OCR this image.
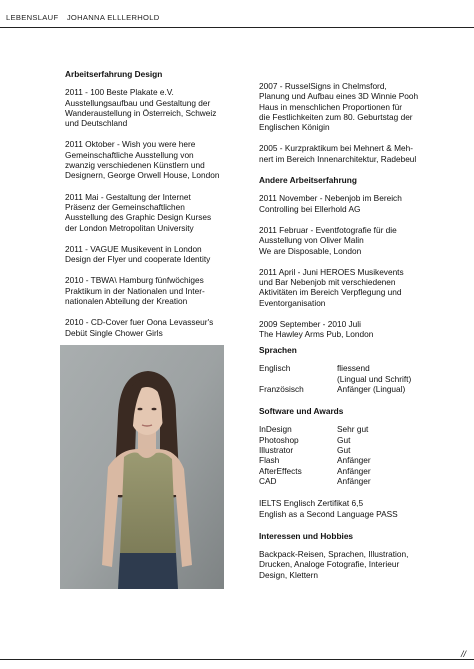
LEBENSLAUF JOHANNA ELLLERHOLD
Arbeitserfahrung Design
2011 - 100 Beste Plakate e.V.
Ausstellungsaufbau und Gestaltung der
Wanderaustellung in Österreich, Schweiz
und Deutschland
2011 Oktober - Wish you were here
Gemeinschaftliche Ausstellung von
zwanzig verschiedenen Künstlern und
Designern, George Orwell House, London
2011 Mai - Gestaltung der Internet
Präsenz der Gemeinschaftlichen
Ausstellung des Graphic Design Kurses
der London Metropolitan University
2011 - VAGUE Musikevent in London
Design der Flyer und cooperate Identity
2010 - TBWA\ Hamburg fünfwöchiges
Praktikum in der Nationalen und Inter-
nationalen Abteilung der Kreation
2010 - CD-Cover fuer Oona Levasseur's
Debüt Single Chower Girls
2007 - RusselSigns in Chelmsford,
Planung und Aufbau eines 3D Winnie Pooh
Haus in menschlichen Proportionen für
die Festlichkeiten zum 80. Geburtstag der
Englischen Königin
2005 - Kurzpraktikum bei Mehnert & Meh-
nert im Bereich Innenarchitektur, Radebeul
Andere Arbeitserfahrung
2011 November - Nebenjob im Bereich
Controlling bei Ellerhold AG
2011 Februar - Eventfotografie für die
Ausstellung von Oliver Malin
We are Disposable, London
2011 April - Juni HEROES Musikevents
und Bar Nebenjob mit verschiedenen
Aktivitäten im Bereich Verpflegung und
Eventorganisation
2009 September - 2010 Juli
The Hawley Arms Pub, London
Sprachen
Englisch	fliessend
(Lingual und Schrift)
Französisch	Anfänger (Lingual)
Software und Awards
InDesign	Sehr gut
Photoshop	Gut
Illustrator	Gut
Flash	Anfänger
AfterEffects	Anfänger
CAD	Anfänger
IELTS Englisch Zertifikat 6,5
English as a Second Language PASS
Interessen und Hobbies
Backpack-Reisen, Sprachen, Illustration,
Drucken, Analoge Fotografie, Interieur
Design, Klettern
//
